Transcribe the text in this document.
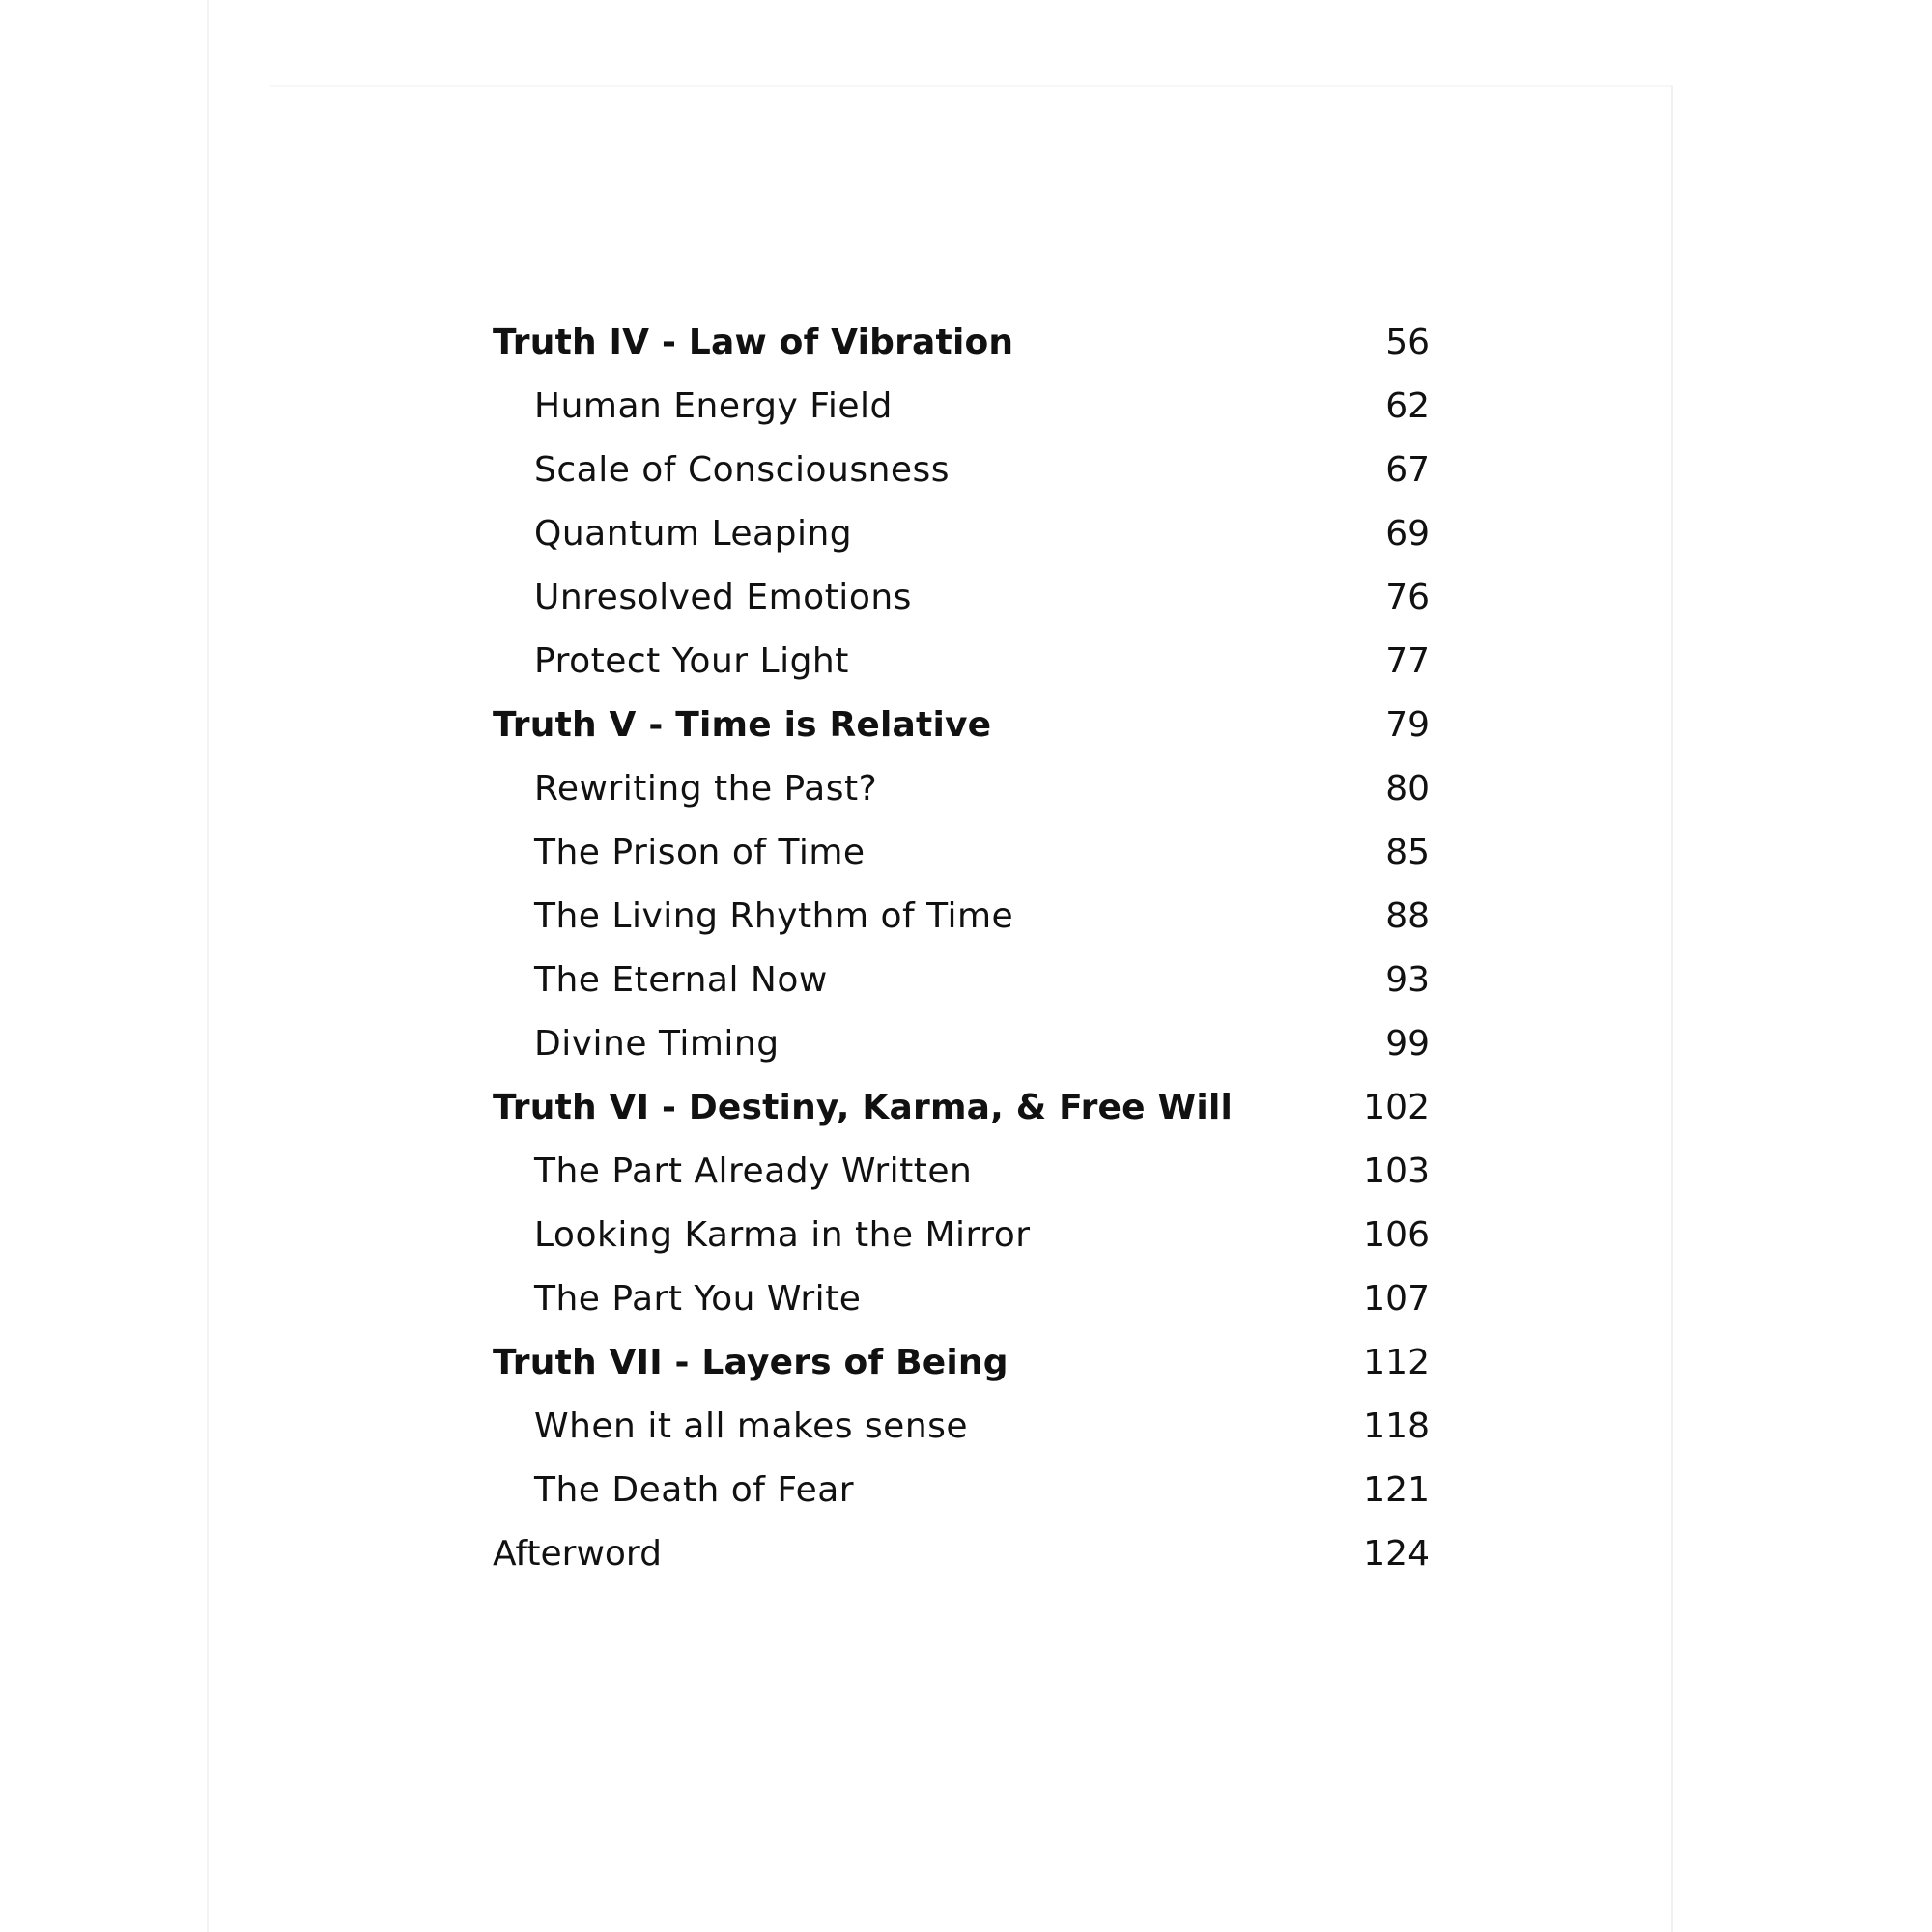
Truth IV - Law of Vibration	56
Human Energy Field	62
Scale of Consciousness	67
Quantum Leaping	69
Unresolved Emotions	76
Protect Your Light	77
Truth V - Time is Relative	79
Rewriting the Past?	80
The Prison of Time	85
The Living Rhythm of Time	88
The Eternal Now	93
Divine Timing	99
Truth VI - Destiny, Karma, & Free Will	102
The Part Already Written	103
Looking Karma in the Mirror	106
The Part You Write	107
Truth VII - Layers of Being	112
When it all makes sense	118
The Death of Fear	121
Afterword	124
